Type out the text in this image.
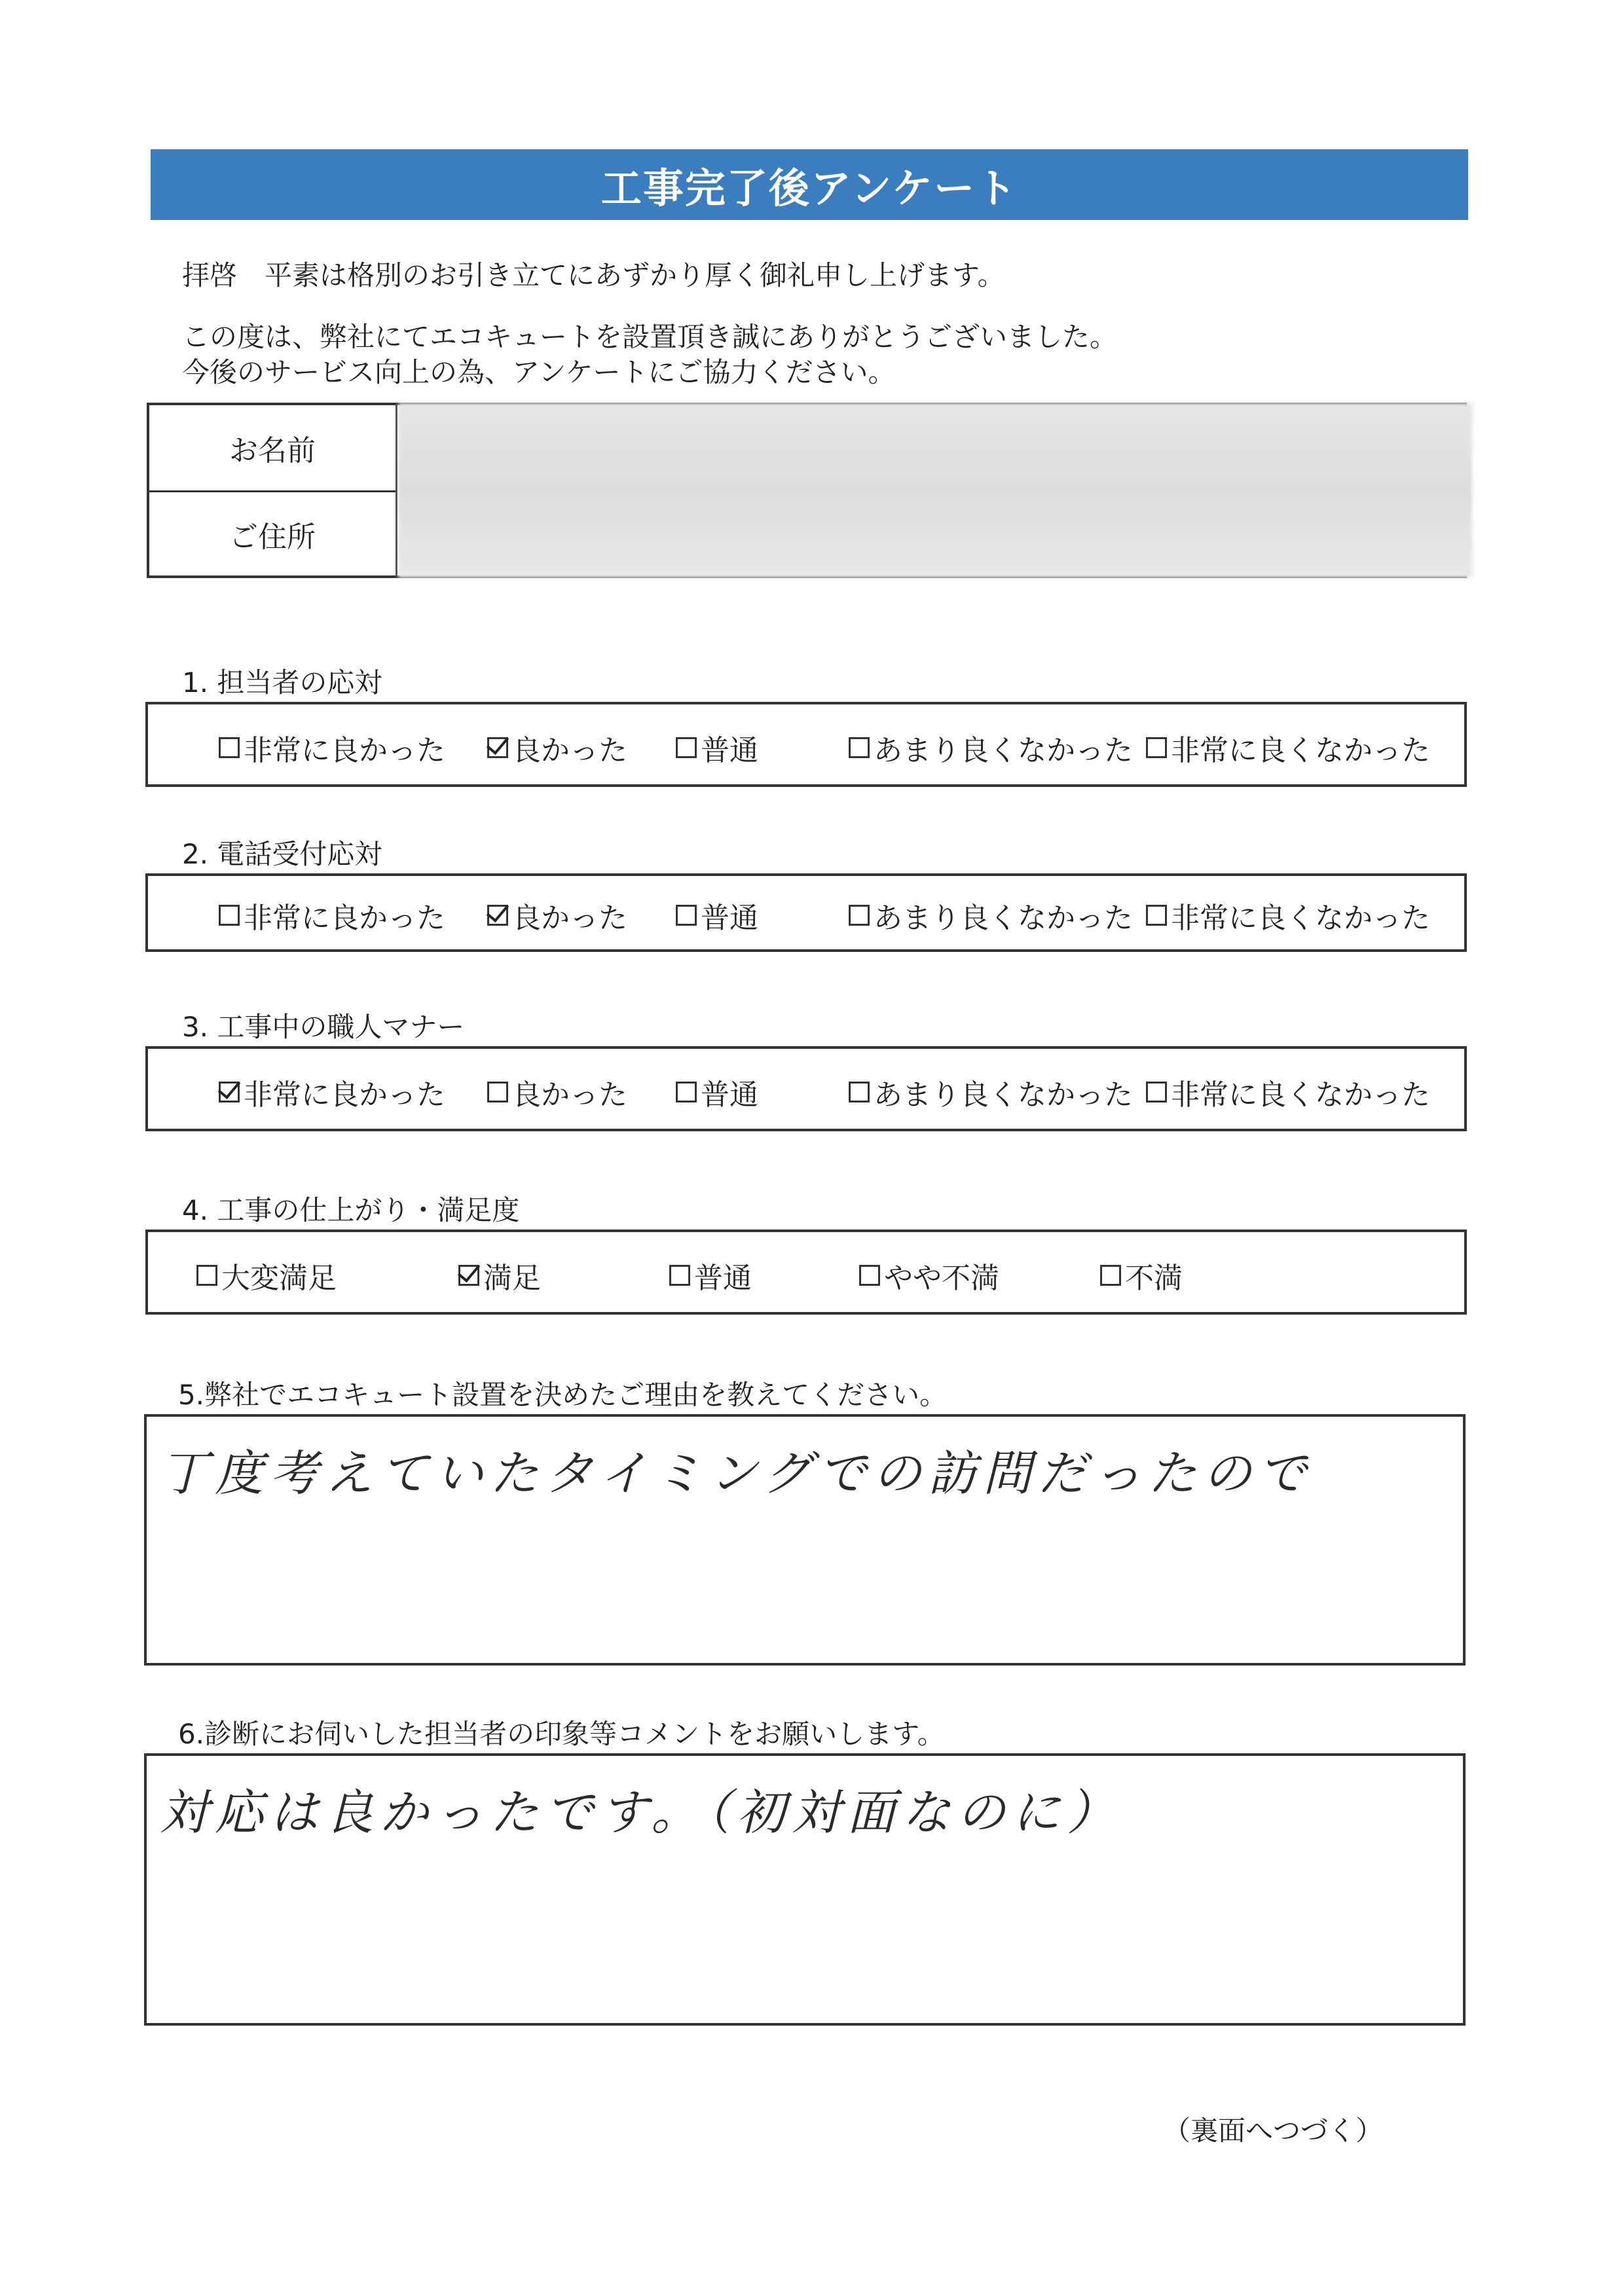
工事完了後アンケート
拝啓　平素は格別のお引き立てにあずかり厚く御礼申し上げます。
この度は、弊社にてエコキュートを設置頂き誠にありがとうございました。
今後のサービス向上の為、アンケートにご協力ください。
お名前
ご住所
1. 担当者の応対
非常に良かった 良かった	普通	あまり良くなかった 非常に良くなかった
2. 電話受付応対
非常に良かった 良かった	普通	あまり良くなかった 非常に良くなかった
3. 工事中の職人マナー
非常に良かった 良かった	普通	あまり良くなかった 非常に良くなかった
4. 工事の仕上がり・満足度
大変満足	満足	普通	やや不満	不満
5.弊社でエコキュート設置を決めたご理由を教えてください。
丁度考えていたタイミングでの訪問だったので
6.診断にお伺いした担当者の印象等コメントをお願いします。
対応は良かったです。（初対面なのに）
（裏面へつづく）
